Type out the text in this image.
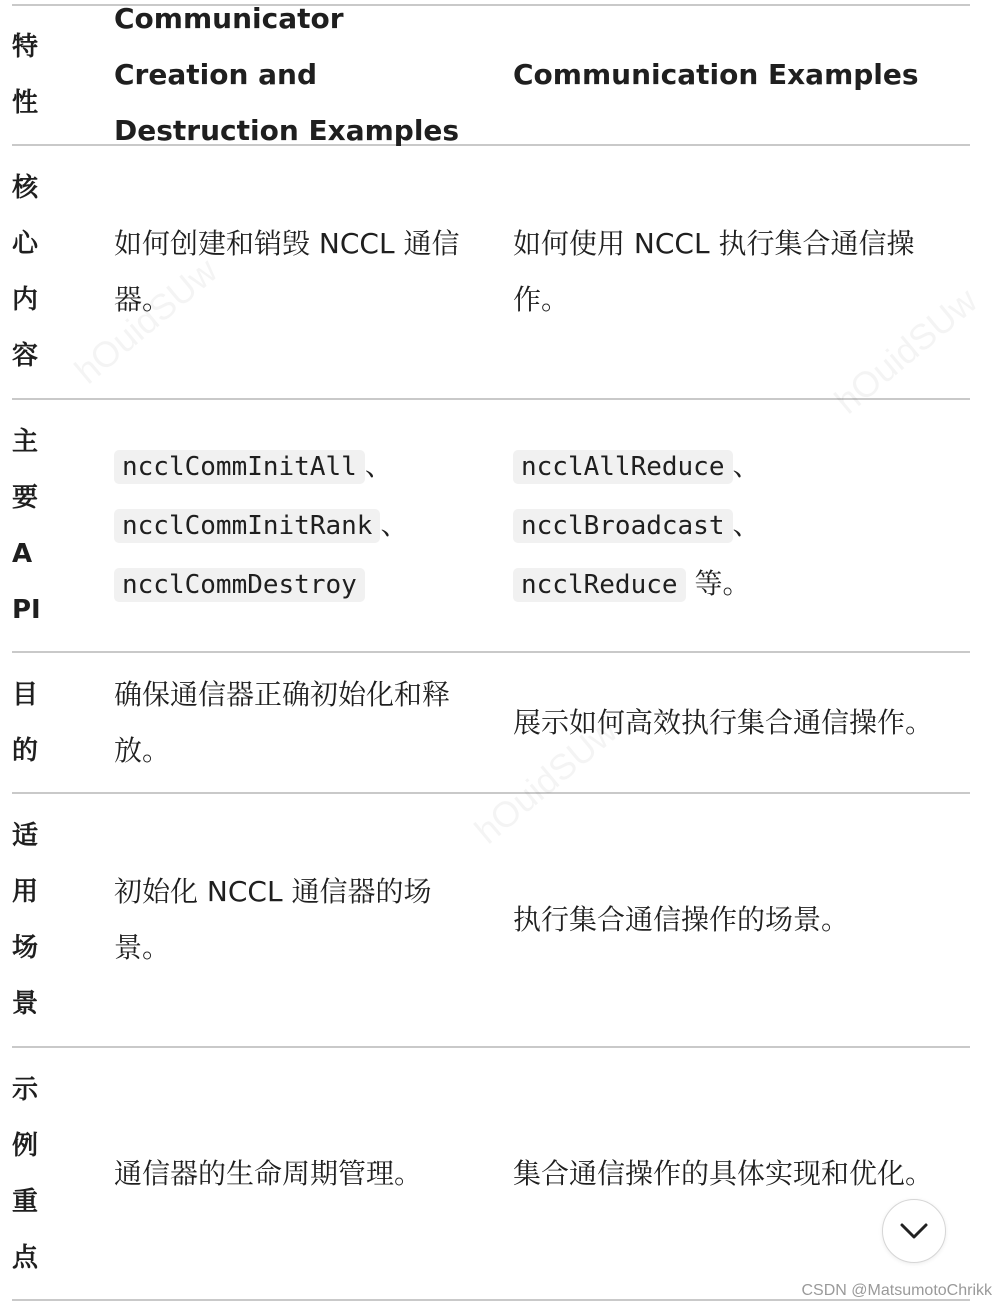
特性
Communicator Creation and Destruction Examples
Communication Examples
核心内容
如何创建和销毁 NCCL 通信器。
如何使用 NCCL 执行集合通信操作。
主要API
ncclCommInitAll 、
ncclCommInitRank 、
ncclCommDestroy
ncclAllReduce 、
ncclBroadcast 、
ncclReduce 等。
目的
确保通信器正确初始化和释放。
展示如何高效执行集合通信操作。
适用场景
初始化 NCCL 通信器的场景。
执行集合通信操作的场景。
示例重点
通信器的生命周期管理。	集合通信操作的具体实现和优化。
CSDN @MatsumotoChrikk
